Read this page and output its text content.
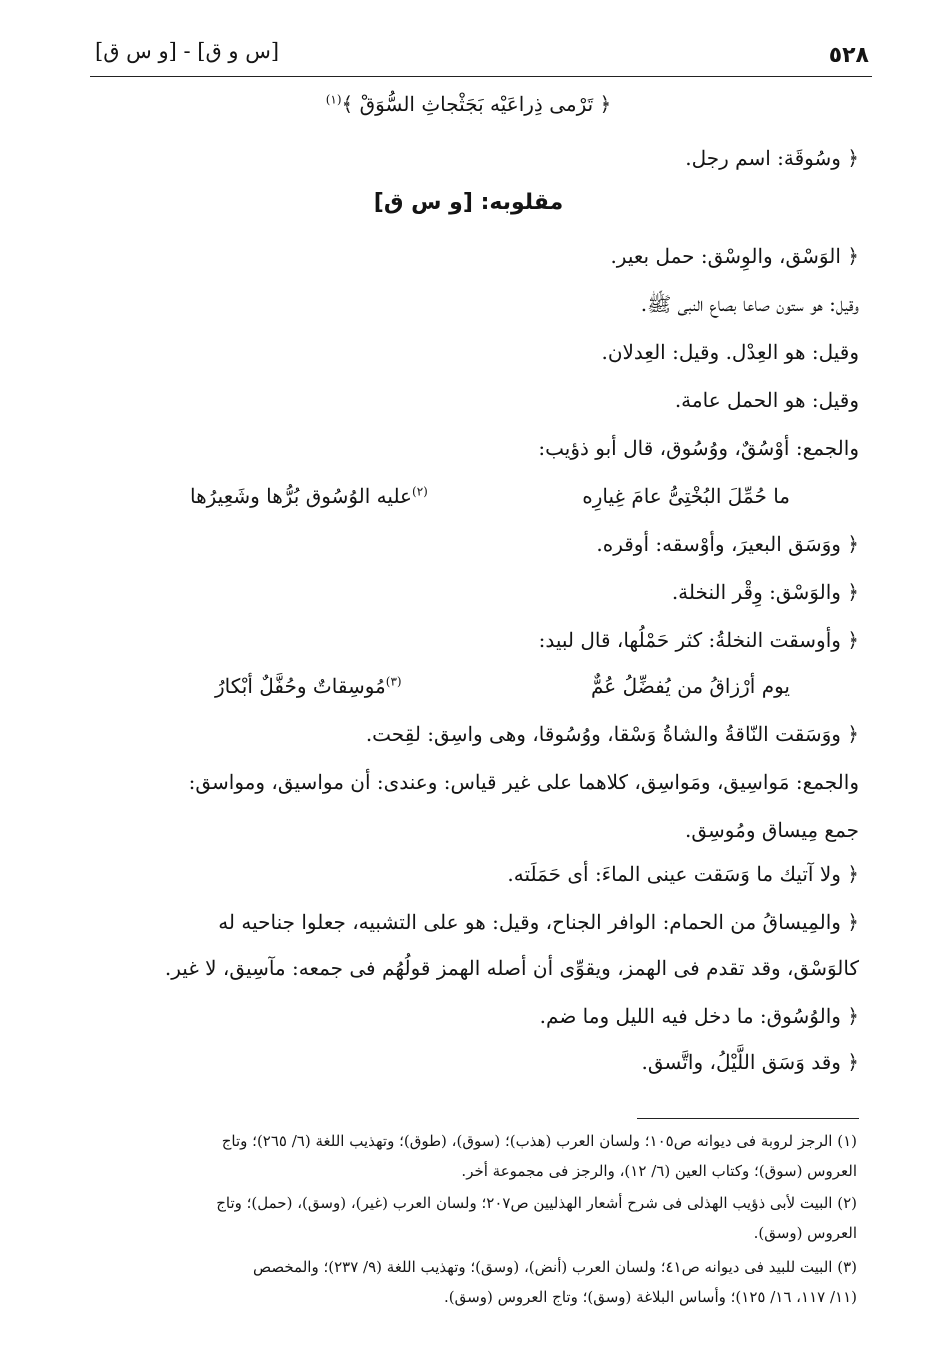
٥٢٨
[س و ق] - [و س ق]
﴿ تَرْمى ذِراعَيْه بَجَثْجاثِ السُّوَقْ ﴾$^{(١)}$
﴿ وسُوقَة: اسم رجل.
مقلوبه: [و س ق]
﴿ الوَسْق، والوِسْق: حمل بعير.
وقيل: هو ستون صاعا بصاع النبى ﷺ.
وقيل: هو العِدْل. وقيل: العِدلان.
وقيل: هو الحمل عامة.
والجمع: أوْسُقٌ، ووُسُوق، قال أبو ذؤيب:
ما حُمِّلَ البُخْتِىُّ عامَ غِيارِه
$^{(٢)}$عليه الوُسُوق بُرُّها وشَعِيرُها
﴿ ووَسَق البعيرَ، وأوْسقه: أوقره.
﴿ والوَسْق: وِقْر النخلة.
﴿ وأوسقت النخلةُ: كثر حَمْلُها، قال لبيد:
يوم أرْزاقُ من يُفضِّلُ عُمٌّ
$^{(٣)}$مُوسِقاتٌ وحُفَّلٌ أبْكارُ
﴿ ووَسَقت النّاقةُ والشاةُ وَسْقا، ووُسُوقا، وهى واسِق: لقِحت.
والجمع: مَواسِيق، ومَواسِق، كلاهما على غير قياس: وعندى: أن مواسيق، ومواسق:
جمع مِيساق ومُوسِق.
﴿ ولا آتيك ما وَسَقت عينى الماءَ: أى حَمَلَته.
﴿ والمِيساقُ من الحمام: الوافر الجناح، وقيل: هو على التشبيه، جعلوا جناحيه له
كالوَسْق، وقد تقدم فى الهمز، ويقوِّى أن أصله الهمز قولُهُم فى جمعه: مآسِيق، لا غير.
﴿ والوُسُوق: ما دخل فيه الليل وما ضم.
﴿ وقد وَسَق اللَّيْلُ، واتَّسق.
(١) الرجز لروبة فى ديوانه ص١٠٥؛ ولسان العرب (هذب)؛ (سوق)، (طوق)؛ وتهذيب اللغة (٦/ ٢٦٥)؛ وتاج
العروس (سوق)؛ وكتاب العين (٦/ ١٢)، والرجز فى مجموعة أخر.
(٢) البيت لأبى ذؤيب الهذلى فى شرح أشعار الهذليين ص٢٠٧؛ ولسان العرب (غير)، (وسق)، (حمل)؛ وتاج
العروس (وسق).
(٣) البيت للبيد فى ديوانه ص٤١؛ ولسان العرب (أنض)، (وسق)؛ وتهذيب اللغة (٩/ ٢٣٧)؛ والمخصص
(١١/ ١١٧، ١٦/ ١٢٥)؛ وأساس البلاغة (وسق)؛ وتاج العروس (وسق).
